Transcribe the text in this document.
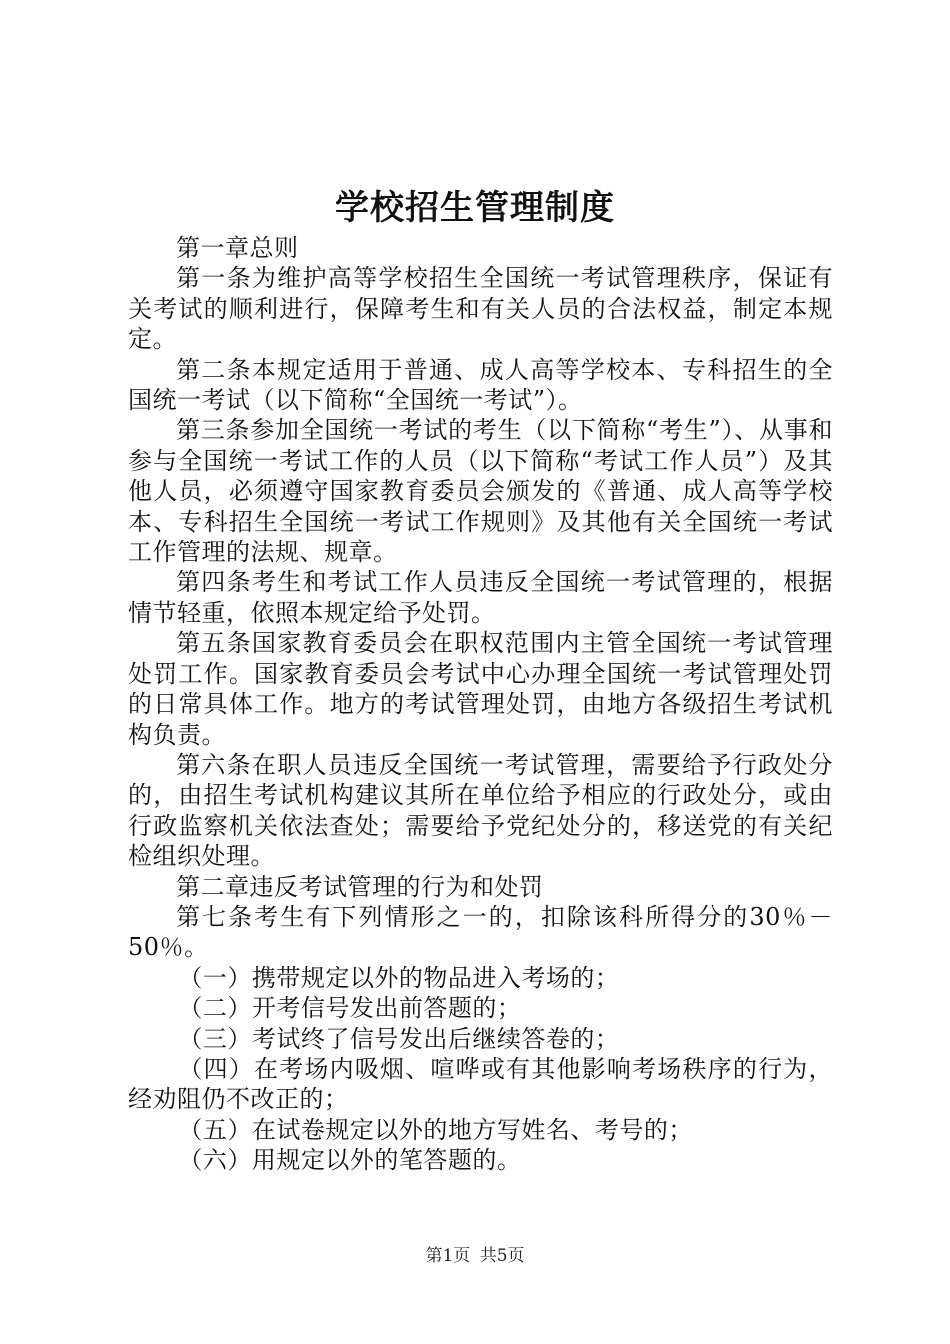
学校招生管理制度

第一章总则

第一条为维护高等学校招生全国统一考试管理秩序，保证有关考试的顺利进行，保障考生和有关人员的合法权益，制定本规定。

第二条本规定适用于普通、成人高等学校本、专科招生的全国统一考试（以下简称“全国统一考试”）。

第三条参加全国统一考试的考生（以下简称“考生”）、从事和参与全国统一考试工作的人员（以下简称“考试工作人员”）及其他人员，必须遵守国家教育委员会颁发的《普通、成人高等学校本、专科招生全国统一考试工作规则》及其他有关全国统一考试工作管理的法规、规章。

第四条考生和考试工作人员违反全国统一考试管理的，根据情节轻重，依照本规定给予处罚。

第五条国家教育委员会在职权范围内主管全国统一考试管理处罚工作。国家教育委员会考试中心办理全国统一考试管理处罚的日常具体工作。地方的考试管理处罚，由地方各级招生考试机构负责。

第六条在职人员违反全国统一考试管理，需要给予行政处分的，由招生考试机构建议其所在单位给予相应的行政处分，或由行政监察机关依法查处；需要给予党纪处分的，移送党的有关纪检组织处理。

第二章违反考试管理的行为和处罚

第七条考生有下列情形之一的，扣除该科所得分的30％－50％。

（一）携带规定以外的物品进入考场的；

（二）开考信号发出前答题的；

（三）考试终了信号发出后继续答卷的；

（四）在考场内吸烟、喧哗或有其他影响考场秩序的行为，经劝阻仍不改正的；

（五）在试卷规定以外的地方写姓名、考号的；

（六）用规定以外的笔答题的。

第1页 共5页
